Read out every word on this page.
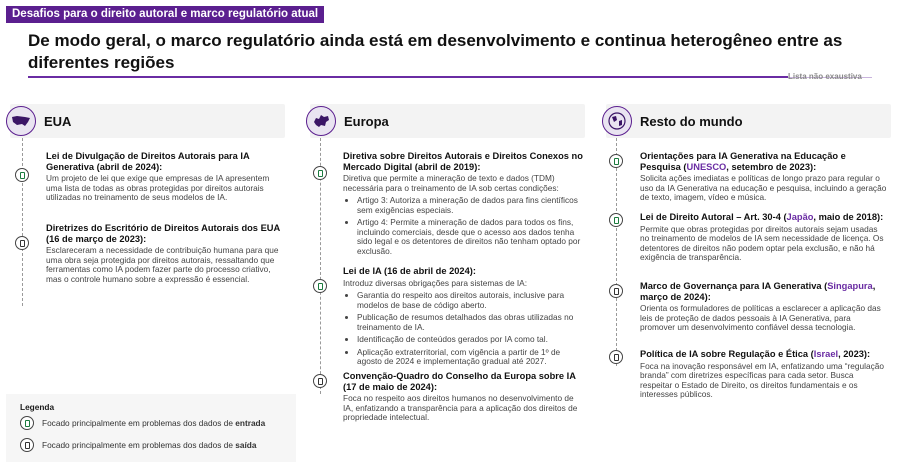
Desafios para o direito autoral e marco regulatório atual
De modo geral, o marco regulatório ainda está em desenvolvimento e continua heterogêneo entre as diferentes regiões
Lista não exaustiva
EUA
Lei de Divulgação de Direitos Autorais para IA Generativa (abril de 2024):
Um projeto de lei que exige que empresas de IA apresentem uma lista de todas as obras protegidas por direitos autorais utilizadas no treinamento de seus modelos de IA.
Diretrizes do Escritório de Direitos Autorais dos EUA (16 de março de 2023):
Esclareceram a necessidade de contribuição humana para que uma obra seja protegida por direitos autorais, ressaltando que ferramentas como IA podem fazer parte do processo criativo, mas o controle humano sobre a expressão é essencial.
Europa
Diretiva sobre Direitos Autorais e Direitos Conexos no Mercado Digital (abril de 2019):
Diretiva que permite a mineração de texto e dados (TDM) necessária para o treinamento de IA sob certas condições:
• Artigo 3: Autoriza a mineração de dados para fins científicos sem exigências especiais.
• Artigo 4: Permite a mineração de dados para todos os fins, incluindo comerciais, desde que o acesso aos dados tenha sido legal e os detentores de direitos não tenham optado por exclusão.
Lei de IA (16 de abril de 2024):
Introduz diversas obrigações para sistemas de IA:
• Garantia do respeito aos direitos autorais, inclusive para modelos de base de código aberto.
• Publicação de resumos detalhados das obras utilizadas no treinamento de IA.
• Identificação de conteúdos gerados por IA como tal.
• Aplicação extraterritorial, com vigência a partir de 1º de agosto de 2024 e implementação gradual até 2027.
Convenção-Quadro do Conselho da Europa sobre IA (17 de maio de 2024):
Foca no respeito aos direitos humanos no desenvolvimento de IA, enfatizando a transparência para a aplicação dos direitos de propriedade intelectual.
Resto do mundo
Orientações para IA Generativa na Educação e Pesquisa (UNESCO, setembro de 2023):
Solicita ações imediatas e políticas de longo prazo para regular o uso da IA Generativa na educação e pesquisa, incluindo a geração de texto, imagem, vídeo e música.
Lei de Direito Autoral – Art. 30-4 (Japão, maio de 2018):
Permite que obras protegidas por direitos autorais sejam usadas no treinamento de modelos de IA sem necessidade de licença. Os detentores de direitos não podem optar pela exclusão, e não há exigência de transparência.
Marco de Governança para IA Generativa (Singapura, março de 2024):
Orienta os formuladores de políticas a esclarecer a aplicação das leis de proteção de dados pessoais à IA Generativa, para promover um desenvolvimento confiável dessa tecnologia.
Política de IA sobre Regulação e Ética (Israel, 2023):
Foca na inovação responsável em IA, enfatizando uma “regulação branda” com diretrizes específicas para cada setor. Busca respeitar o Estado de Direito, os direitos fundamentais e os interesses públicos.
Legenda
Focado principalmente em problemas dos dados de
entrada
Focado principalmente em problemas dos dados de
saída
